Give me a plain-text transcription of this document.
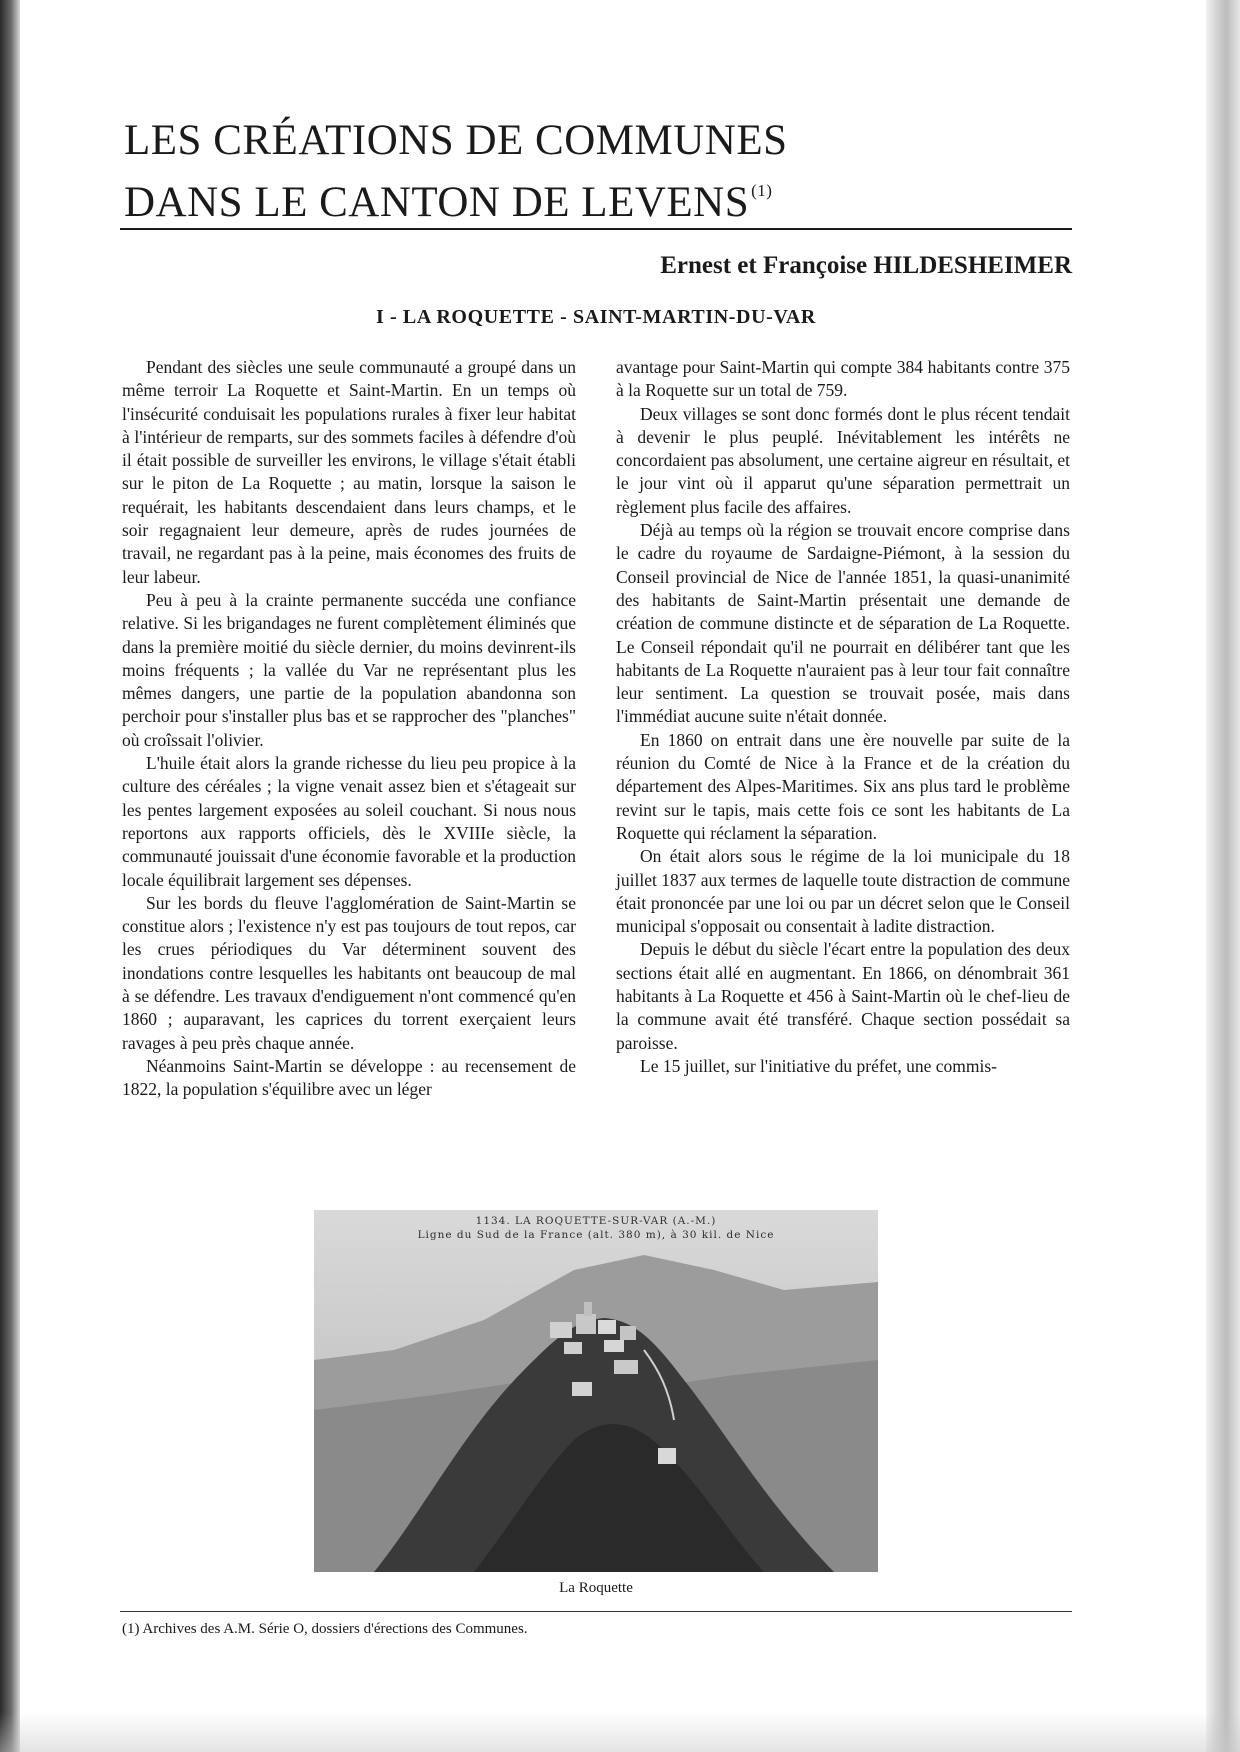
LES CRÉATIONS DE COMMUNES
DANS LE CANTON DE LEVENS $^{(1)}$
Ernest et Françoise HILDESHEIMER
I - LA ROQUETTE - SAINT-MARTIN-DU-VAR

Pendant des siècles une seule communauté a groupé dans un même terroir La Roquette et Saint-Martin. En un temps où l'insécurité conduisait les populations rurales à fixer leur habitat à l'intérieur de remparts, sur des sommets faciles à défendre d'où il était possible de surveiller les environs, le village s'était établi sur le piton de La Roquette ; au matin, lorsque la saison le requérait, les habitants descendaient dans leurs champs, et le soir regagnaient leur demeure, après de rudes journées de travail, ne regardant pas à la peine, mais économes des fruits de leur labeur.

Peu à peu à la crainte permanente succéda une confiance relative. Si les brigandages ne furent complètement éliminés que dans la première moitié du siècle dernier, du moins devinrent-ils moins fréquents ; la vallée du Var ne représentant plus les mêmes dangers, une partie de la population abandonna son perchoir pour s'installer plus bas et se rapprocher des "planches" où croîssait l'olivier.

L'huile était alors la grande richesse du lieu peu propice à la culture des céréales ; la vigne venait assez bien et s'étageait sur les pentes largement exposées au soleil couchant. Si nous nous reportons aux rapports officiels, dès le XVIIIe siècle, la communauté jouissait d'une économie favorable et la production locale équilibrait largement ses dépenses.

Sur les bords du fleuve l'agglomération de Saint-Martin se constitue alors ; l'existence n'y est pas toujours de tout repos, car les crues périodiques du Var déterminent souvent des inondations contre lesquelles les habitants ont beaucoup de mal à se défendre. Les travaux d'endiguement n'ont commencé qu'en 1860 ; auparavant, les caprices du torrent exerçaient leurs ravages à peu près chaque année.

Néanmoins Saint-Martin se développe : au recensement de 1822, la population s'équilibre avec un léger

avantage pour Saint-Martin qui compte 384 habitants contre 375 à la Roquette sur un total de 759.

Deux villages se sont donc formés dont le plus récent tendait à devenir le plus peuplé. Inévitablement les intérêts ne concordaient pas absolument, une certaine aigreur en résultait, et le jour vint où il apparut qu'une séparation permettrait un règlement plus facile des affaires.

Déjà au temps où la région se trouvait encore comprise dans le cadre du royaume de Sardaigne-Piémont, à la session du Conseil provincial de Nice de l'année 1851, la quasi-unanimité des habitants de Saint-Martin présentait une demande de création de commune distincte et de séparation de La Roquette. Le Conseil répondait qu'il ne pourrait en délibérer tant que les habitants de La Roquette n'auraient pas à leur tour fait connaître leur sentiment. La question se trouvait posée, mais dans l'immédiat aucune suite n'était donnée.

En 1860 on entrait dans une ère nouvelle par suite de la réunion du Comté de Nice à la France et de la création du département des Alpes-Maritimes. Six ans plus tard le problème revint sur le tapis, mais cette fois ce sont les habitants de La Roquette qui réclament la séparation.

On était alors sous le régime de la loi municipale du 18 juillet 1837 aux termes de laquelle toute distraction de commune était prononcée par une loi ou par un décret selon que le Conseil municipal s'opposait ou consentait à ladite distraction.

Depuis le début du siècle l'écart entre la population des deux sections était allé en augmentant. En 1866, on dénombrait 361 habitants à La Roquette et 456 à Saint-Martin où le chef-lieu de la commune avait été transféré. Chaque section possédait sa paroisse.

Le 15 juillet, sur l'initiative du préfet, une commis-

1134. LA ROQUETTE-SUR-VAR (A.-M.)
Ligne du Sud de la France (alt. 380 m), à 30 kil. de Nice
La Roquette
(1) Archives des A.M. Série O, dossiers d'érections des Communes.
